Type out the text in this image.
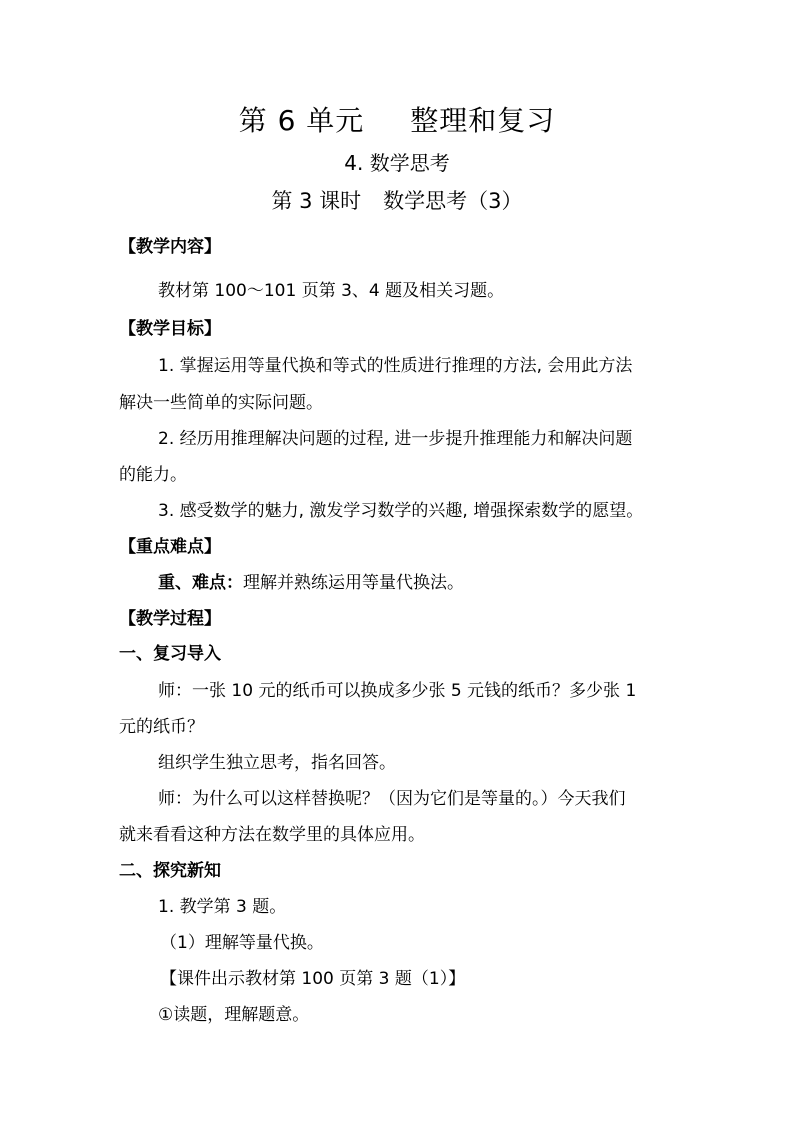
第 6 单元 整理和复习
4. 数学思考
第 3 课时 数学思考（3）
【教学内容】
教材第 100～101 页第 3、4 题及相关习题。
【教学目标】
1. 掌握运用等量代换和等式的性质进行推理的方法, 会用此方法
解决一些简单的实际问题。
2. 经历用推理解决问题的过程, 进一步提升推理能力和解决问题
的能力。
3. 感受数学的魅力, 激发学习数学的兴趣, 增强探索数学的愿望。
【重点难点】
重、难点：理解并熟练运用等量代换法。
【教学过程】
一、复习导入
师：一张 10 元的纸币可以换成多少张 5 元钱的纸币？多少张 1
元的纸币？
组织学生独立思考，指名回答。
师：为什么可以这样替换呢？（因为它们是等量的。）今天我们
就来看看这种方法在数学里的具体应用。
二、探究新知
1. 教学第 3 题。
（1）理解等量代换。
【课件出示教材第 100 页第 3 题（1）】
①读题，理解题意。
